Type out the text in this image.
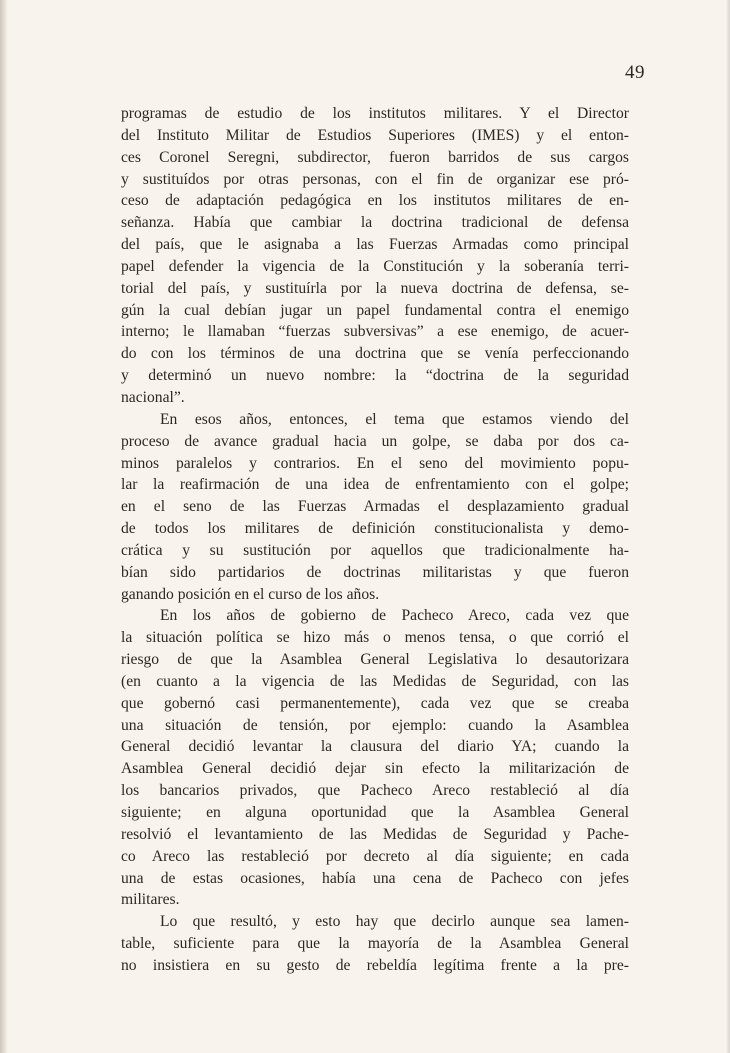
49
programas de estudio de los institutos militares. Y el Director
del Instituto Militar de Estudios Superiores (IMES) y el enton-
ces Coronel Seregni, subdirector, fueron barridos de sus cargos
y sustituídos por otras personas, con el fin de organizar ese pró-
ceso de adaptación pedagógica en los institutos militares de en-
señanza. Había que cambiar la doctrina tradicional de defensa
del país, que le asignaba a las Fuerzas Armadas como principal
papel defender la vigencia de la Constitución y la soberanía terri-
torial del país, y sustituírla por la nueva doctrina de defensa, se-
gún la cual debían jugar un papel fundamental contra el enemigo
interno; le llamaban “fuerzas subversivas” a ese enemigo, de acuer-
do con los términos de una doctrina que se venía perfeccionando
y determinó un nuevo nombre: la “doctrina de la seguridad
nacional”.
En esos años, entonces, el tema que estamos viendo del
proceso de avance gradual hacia un golpe, se daba por dos ca-
minos paralelos y contrarios. En el seno del movimiento popu-
lar la reafirmación de una idea de enfrentamiento con el golpe;
en el seno de las Fuerzas Armadas el desplazamiento gradual
de todos los militares de definición constitucionalista y demo-
crática y su sustitución por aquellos que tradicionalmente ha-
bían sido partidarios de doctrinas militaristas y que fueron
ganando posición en el curso de los años.
En los años de gobierno de Pacheco Areco, cada vez que
la situación política se hizo más o menos tensa, o que corrió el
riesgo de que la Asamblea General Legislativa lo desautorizara
(en cuanto a la vigencia de las Medidas de Seguridad, con las
que gobernó casi permanentemente), cada vez que se creaba
una situación de tensión, por ejemplo: cuando la Asamblea
General decidió levantar la clausura del diario YA; cuando la
Asamblea General decidió dejar sin efecto la militarización de
los bancarios privados, que Pacheco Areco restableció al día
siguiente; en alguna oportunidad que la Asamblea General
resolvió el levantamiento de las Medidas de Seguridad y Pache-
co Areco las restableció por decreto al día siguiente; en cada
una de estas ocasiones, había una cena de Pacheco con jefes
militares.
Lo que resultó, y esto hay que decirlo aunque sea lamen-
table, suficiente para que la mayoría de la Asamblea General
no insistiera en su gesto de rebeldía legítima frente a la pre-
